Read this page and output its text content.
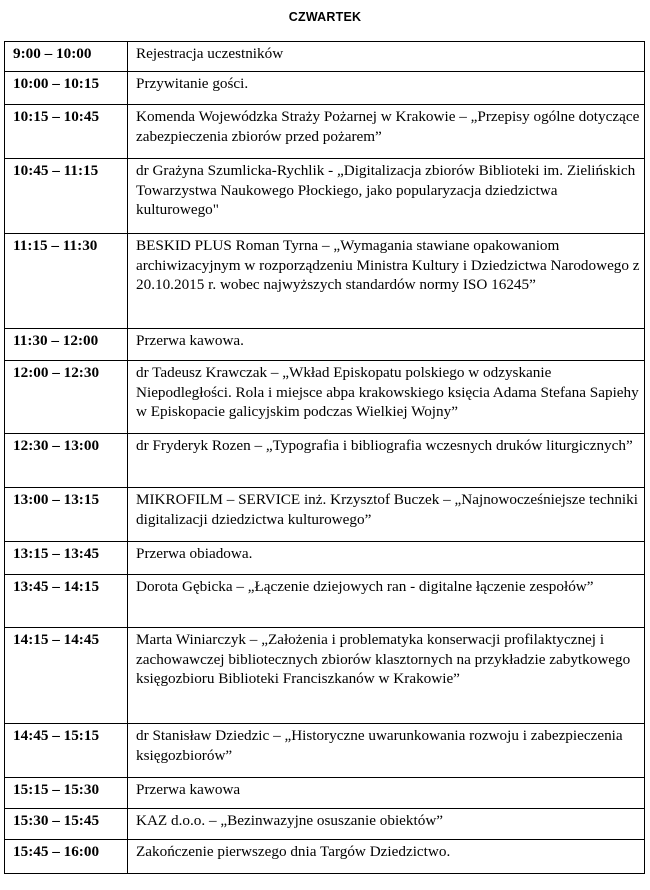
CZWARTEK
9:00 – 10:00	Rejestracja uczestników
10:00 – 10:15	Przywitanie gości.
10:15 – 10:45	Komenda Wojewódzka Straży Pożarnej w Krakowie – „Przepisy ogólne dotyczące zabezpieczenia zbiorów przed pożarem”
10:45 – 11:15	dr Grażyna Szumlicka-Rychlik - „Digitalizacja zbiorów Biblioteki im. Zielińskich Towarzystwa Naukowego Płockiego, jako popularyzacja dziedzictwa kulturowego"
11:15 – 11:30	BESKID PLUS Roman Tyrna – „Wymagania stawiane opakowaniom archiwizacyjnym w rozporządzeniu Ministra Kultury i Dziedzictwa Narodowego z 20.10.2015 r. wobec najwyższych standardów normy ISO 16245”
11:30 – 12:00	Przerwa kawowa.
12:00 – 12:30	dr Tadeusz Krawczak – „Wkład Episkopatu polskiego w odzyskanie Niepodległości. Rola i miejsce abpa krakowskiego księcia Adama Stefana Sapiehy w Episkopacie galicyjskim podczas Wielkiej Wojny”
12:30 – 13:00	dr Fryderyk Rozen – „Typografia i bibliografia wczesnych druków liturgicznych”
13:00 – 13:15	MIKROFILM – SERVICE inż. Krzysztof Buczek – „Najnowocześniejsze techniki digitalizacji dziedzictwa kulturowego”
13:15 – 13:45	Przerwa obiadowa.
13:45 – 14:15	Dorota Gębicka – „Łączenie dziejowych ran - digitalne łączenie zespołów”
14:15 – 14:45	Marta Winiarczyk – „Założenia i problematyka konserwacji profilaktycznej i zachowawczej bibliotecznych zbiorów klasztornych na przykładzie zabytkowego księgozbioru Biblioteki Franciszkanów w Krakowie”
14:45 – 15:15	dr Stanisław Dziedzic – „Historyczne uwarunkowania rozwoju i zabezpieczenia księgozbiorów”
15:15 – 15:30	Przerwa kawowa
15:30 – 15:45	KAZ d.o.o. – „Bezinwazyjne osuszanie obiektów”
15:45 – 16:00	Zakończenie pierwszego dnia Targów Dziedzictwo.
